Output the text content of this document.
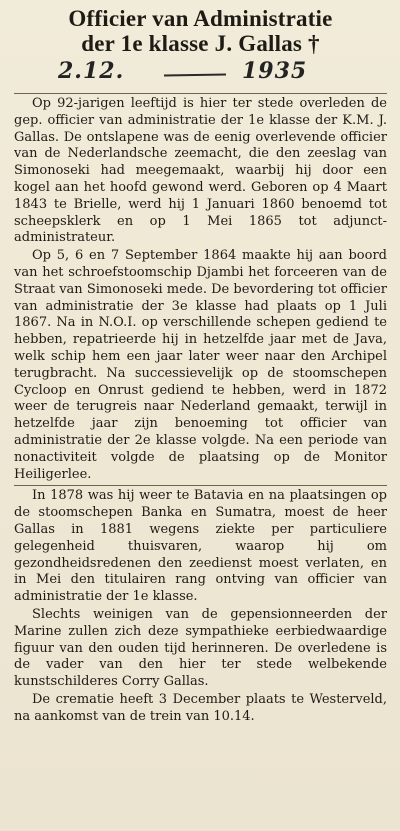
Officier van Administratie
der 1e klasse J. Gallas †
2.12.	1935

Op 92-jarigen leeftijd is hier ter stede overleden de gep. officier van administratie der 1e klasse der K.M. J. Gallas. De ontslapene was de eenig overlevende officier van de Nederlandsche zeemacht, die den zeeslag van Simonoseki had meegemaakt, waarbij hij door een kogel aan het hoofd gewond werd. Geboren op 4 Maart 1843 te Brielle, werd hij 1 Januari 1860 benoemd tot scheepsklerk en op 1 Mei 1865 tot adjunct-administrateur.

Op 5, 6 en 7 September 1864 maakte hij aan boord van het schroefstoomschip Djambi het forceeren van de Straat van Simonoseki mede. De bevordering tot officier van administratie der 3e klasse had plaats op 1 Juli 1867. Na in N.O.I. op verschillende schepen gediend te hebben, repatrieerde hij in hetzelfde jaar met de Java, welk schip hem een jaar later weer naar den Archipel terugbracht. Na successievelijk op de stoomschepen Cycloop en Onrust gediend te hebben, werd in 1872 weer de terugreis naar Nederland gemaakt, terwijl in hetzelfde jaar zijn benoeming tot officier van administratie der 2e klasse volgde. Na een periode van nonactiviteit volgde de plaatsing op de Monitor Heiligerlee.

In 1878 was hij weer te Batavia en na plaatsingen op de stoomschepen Banka en Sumatra, moest de heer Gallas in 1881 wegens ziekte per particuliere gelegenheid thuisvaren, waarop hij om gezondheidsredenen den zeedienst moest verlaten, en in Mei den titulairen rang ontving van officier van administratie der 1e klasse.

Slechts weinigen van de gepensionneerden der Marine zullen zich deze sympathieke eerbiedwaardige figuur van den ouden tijd herinneren. De overledene is de vader van den hier ter stede welbekende kunstschilderes Corry Gallas.

De crematie heeft 3 December plaats te Westerveld, na aankomst van de trein van 10.14.
